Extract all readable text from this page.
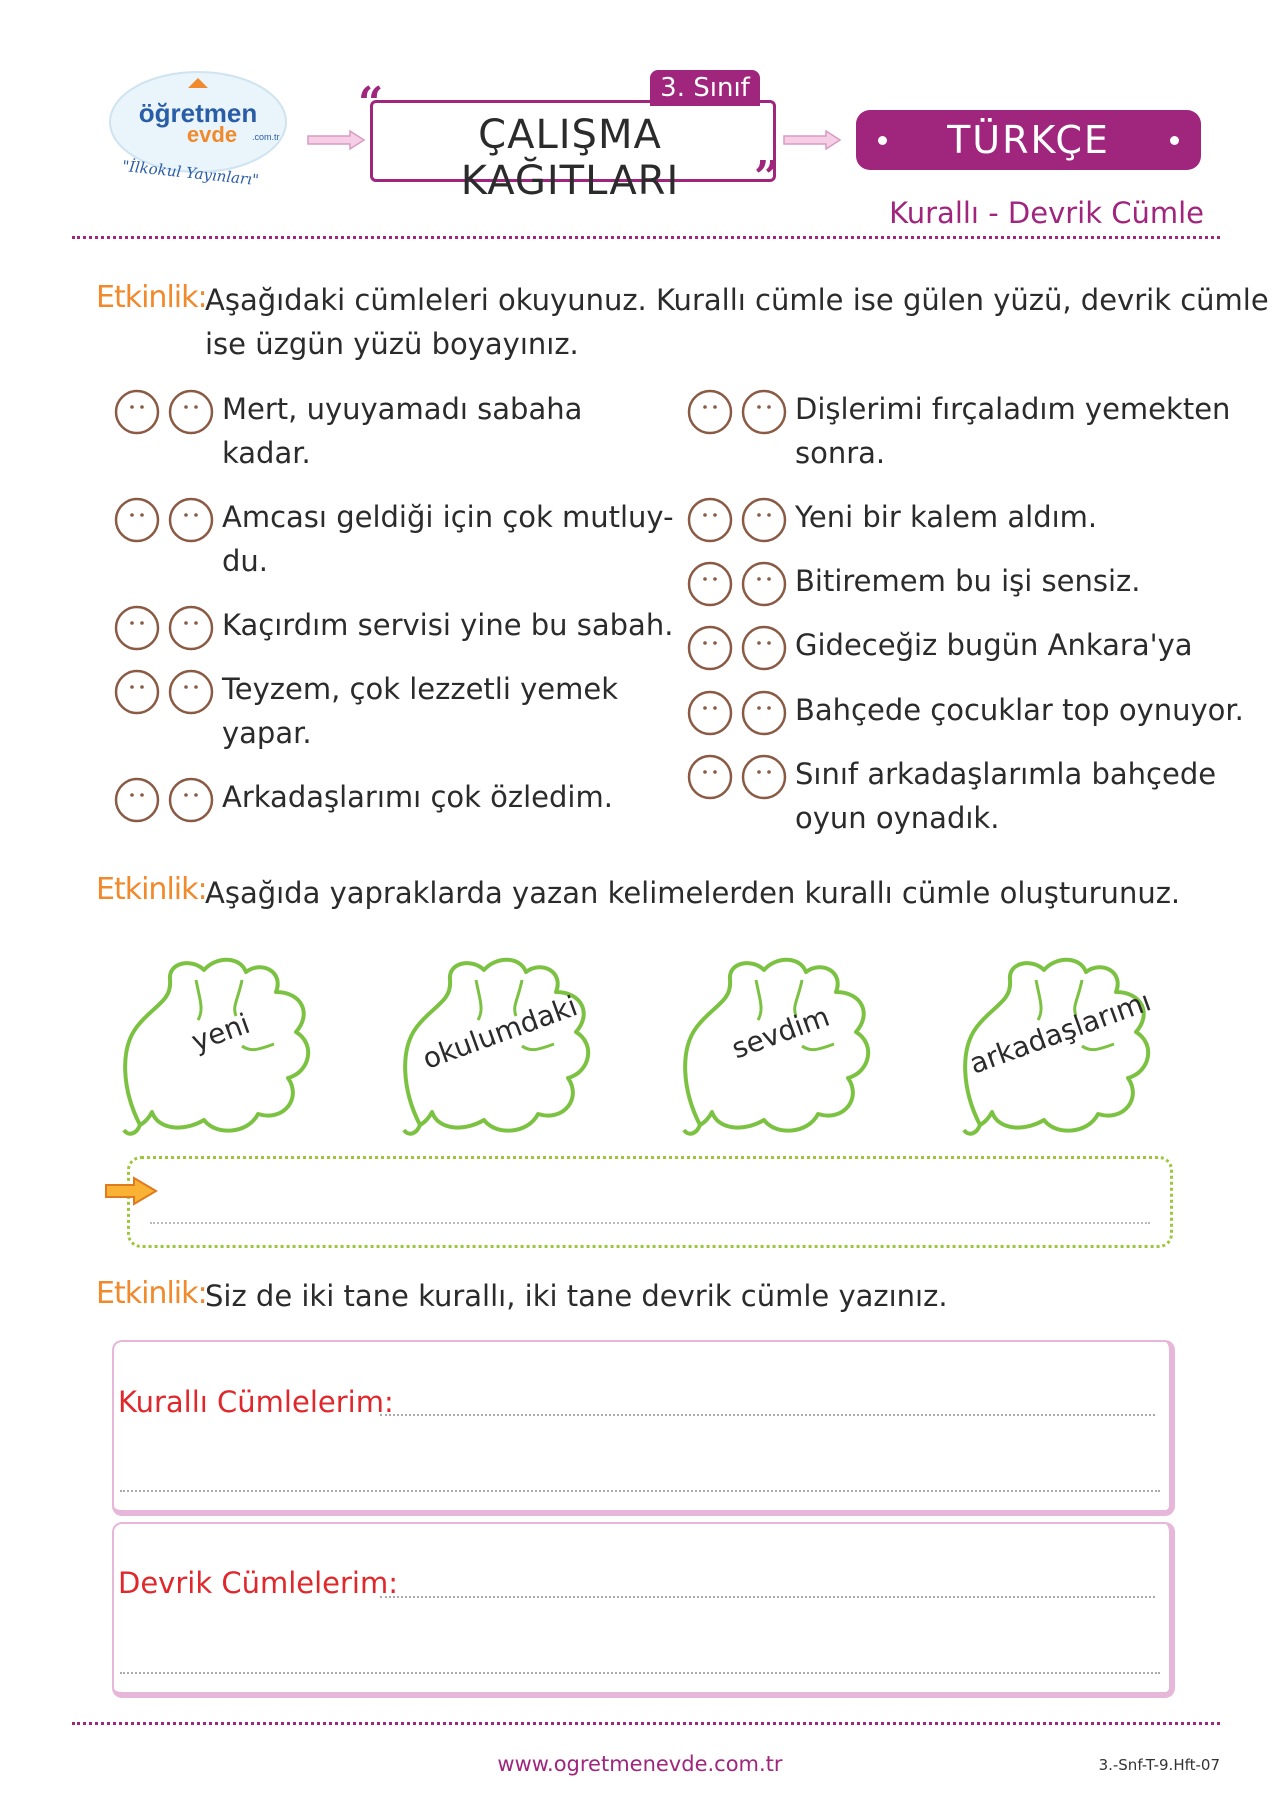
öğretmen
evde .com.tr
"İlkokul Yayınları"
3. Sınıf
ÇALIŞMA KAĞITLARI
“
”
TÜRKÇE
Kurallı - Devrik Cümle
Etkinlik:
Aşağıdaki cümleleri okuyunuz. Kurallı cümle ise gülen yüzü, devrik cümle
ise üzgün yüzü boyayınız.
Mert, uyuyamadı sabaha
kadar.
Amcası geldiği için çok mutluy-
du.
Kaçırdım servisi yine bu sabah.
Teyzem, çok lezzetli yemek
yapar.
Arkadaşlarımı çok özledim.
Dişlerimi fırçaladım yemekten
sonra.
Yeni bir kalem aldım.
Bitiremem bu işi sensiz.
Gideceğiz bugün Ankara'ya
Bahçede çocuklar top oynuyor.
Sınıf arkadaşlarımla bahçede
oyun oynadık.
Etkinlik:
Aşağıda yapraklarda yazan kelimelerden kurallı cümle oluşturunuz.
yeni	okulumdaki	sevdim	arkadaşlarımı
Etkinlik:
Siz de iki tane kurallı, iki tane devrik cümle yazınız.
Kurallı Cümlelerim:
Devrik Cümlelerim:
www.ogretmenevde.com.tr	3.-Snf-T-9.Hft-07
